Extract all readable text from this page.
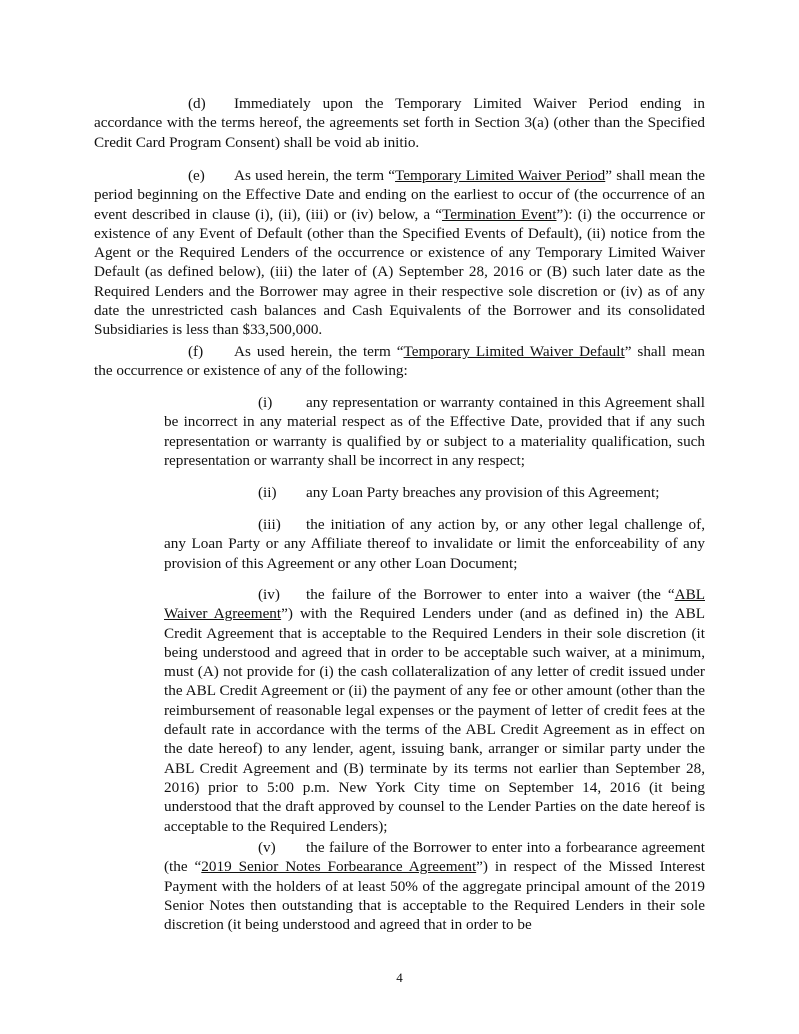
(d) Immediately upon the Temporary Limited Waiver Period ending in accordance with the terms hereof, the agreements set forth in Section 3(a) (other than the Specified Credit Card Program Consent) shall be void ab initio.

(e) As used herein, the term “Temporary Limited Waiver Period” shall mean the period beginning on the Effective Date and ending on the earliest to occur of (the occurrence of an event described in clause (i), (ii), (iii) or (iv) below, a “Termination Event”): (i) the occurrence or existence of any Event of Default (other than the Specified Events of Default), (ii) notice from the Agent or the Required Lenders of the occurrence or existence of any Temporary Limited Waiver Default (as defined below), (iii) the later of (A) September 28, 2016 or (B) such later date as the Required Lenders and the Borrower may agree in their respective sole discretion or (iv) as of any date the unrestricted cash balances and Cash Equivalents of the Borrower and its consolidated Subsidiaries is less than $33,500,000.

(f) As used herein, the term “Temporary Limited Waiver Default” shall mean the occurrence or existence of any of the following:

(i) any representation or warranty contained in this Agreement shall be incorrect in any material respect as of the Effective Date, provided that if any such representation or warranty is qualified by or subject to a materiality qualification, such representation or warranty shall be incorrect in any respect;

(ii) any Loan Party breaches any provision of this Agreement;

(iii) the initiation of any action by, or any other legal challenge of, any Loan Party or any Affiliate thereof to invalidate or limit the enforceability of any provision of this Agreement or any other Loan Document;

(iv) the failure of the Borrower to enter into a waiver (the “ABL Waiver Agreement”) with the Required Lenders under (and as defined in) the ABL Credit Agreement that is acceptable to the Required Lenders in their sole discretion (it being understood and agreed that in order to be acceptable such waiver, at a minimum, must (A) not provide for (i) the cash collateralization of any letter of credit issued under the ABL Credit Agreement or (ii) the payment of any fee or other amount (other than the reimbursement of reasonable legal expenses or the payment of letter of credit fees at the default rate in accordance with the terms of the ABL Credit Agreement as in effect on the date hereof) to any lender, agent, issuing bank, arranger or similar party under the ABL Credit Agreement and (B) terminate by its terms not earlier than September 28, 2016) prior to 5:00 p.m. New York City time on September 14, 2016 (it being understood that the draft approved by counsel to the Lender Parties on the date hereof is acceptable to the Required Lenders);

(v) the failure of the Borrower to enter into a forbearance agreement (the “2019 Senior Notes Forbearance Agreement”) in respect of the Missed Interest Payment with the holders of at least 50% of the aggregate principal amount of the 2019 Senior Notes then outstanding that is acceptable to the Required Lenders in their sole discretion (it being understood and agreed that in order to be

4
